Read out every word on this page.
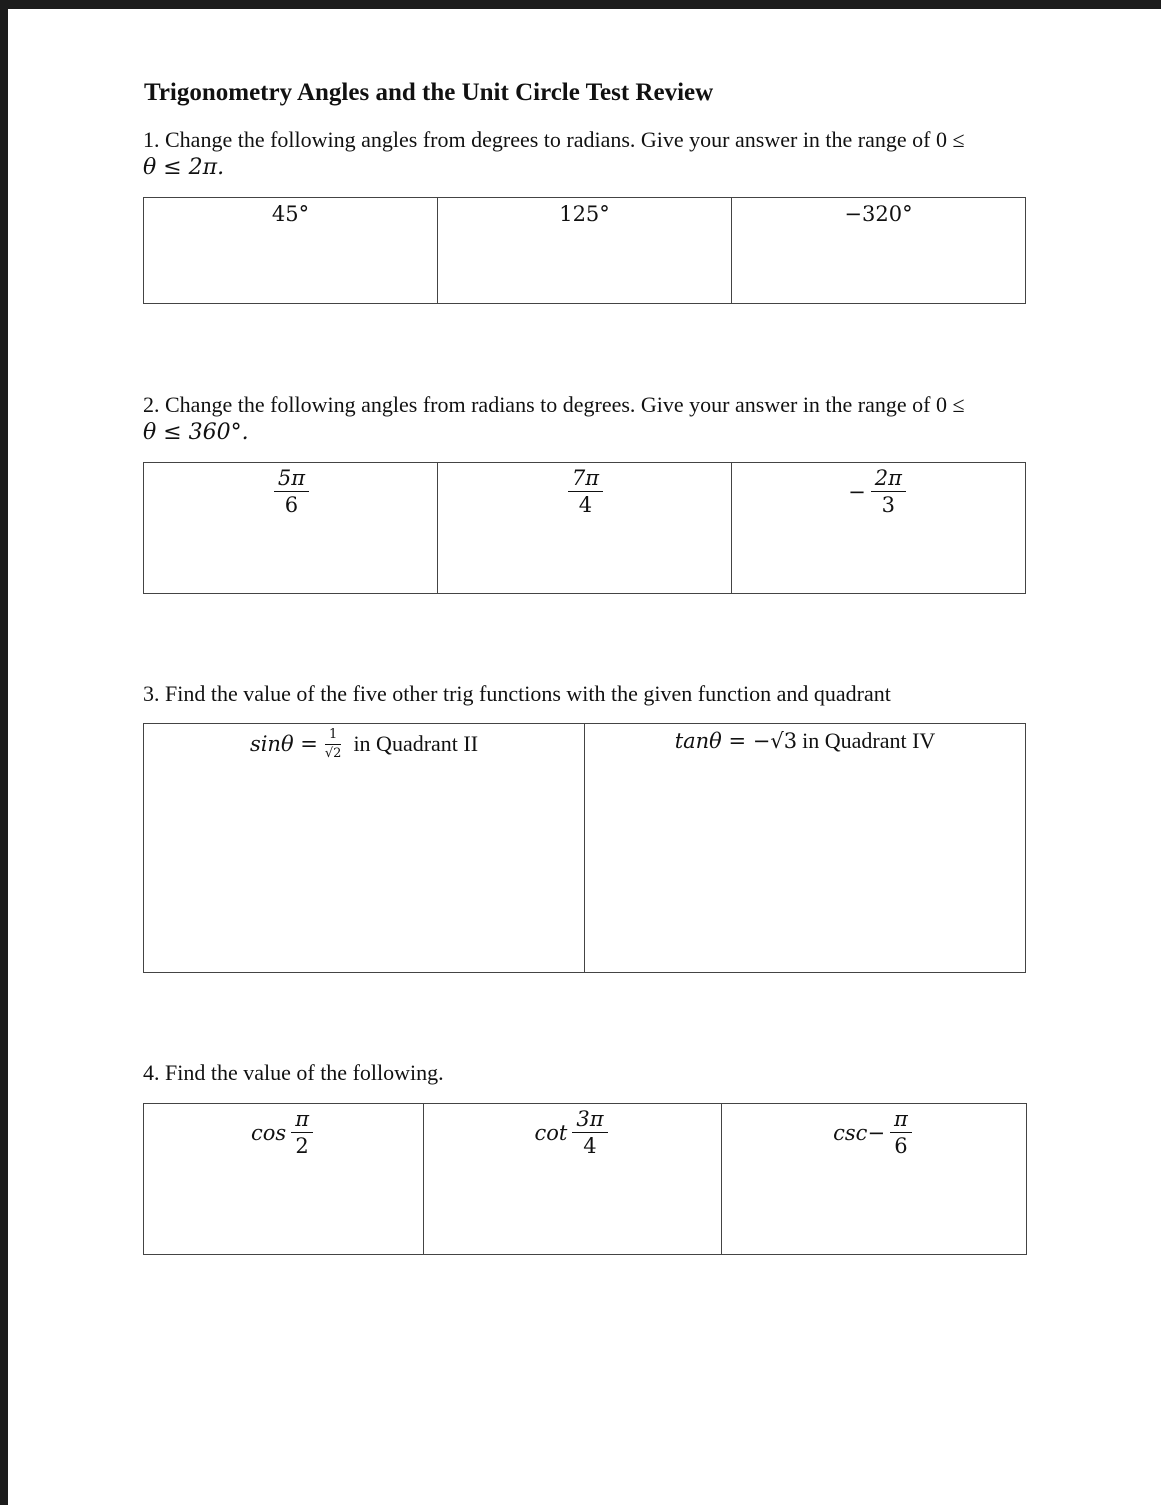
Trigonometry Angles and the Unit Circle Test Review
1. Change the following angles from degrees to radians. Give your answer in the range of 0 ≤
θ ≤ 2π.
45°	125°	−320°
2. Change the following angles from radians to degrees. Give your answer in the range of 0 ≤
θ ≤ 360°.
$\frac{5\pi}{6}$	$\frac{7\pi}{4}$	− $\frac{2\pi}{3}$
3. Find the value of the five other trig functions with the given function and quadrant
$\sin\theta = \frac{1}{√2}$ in Quadrant II	tanθ = − √3 in Quadrant IV
4. Find the value of the following.
$\cos \frac{\pi}{2}$	$\cot \frac{3\pi}{4}$	$\csc - \frac{\pi}{6}$
